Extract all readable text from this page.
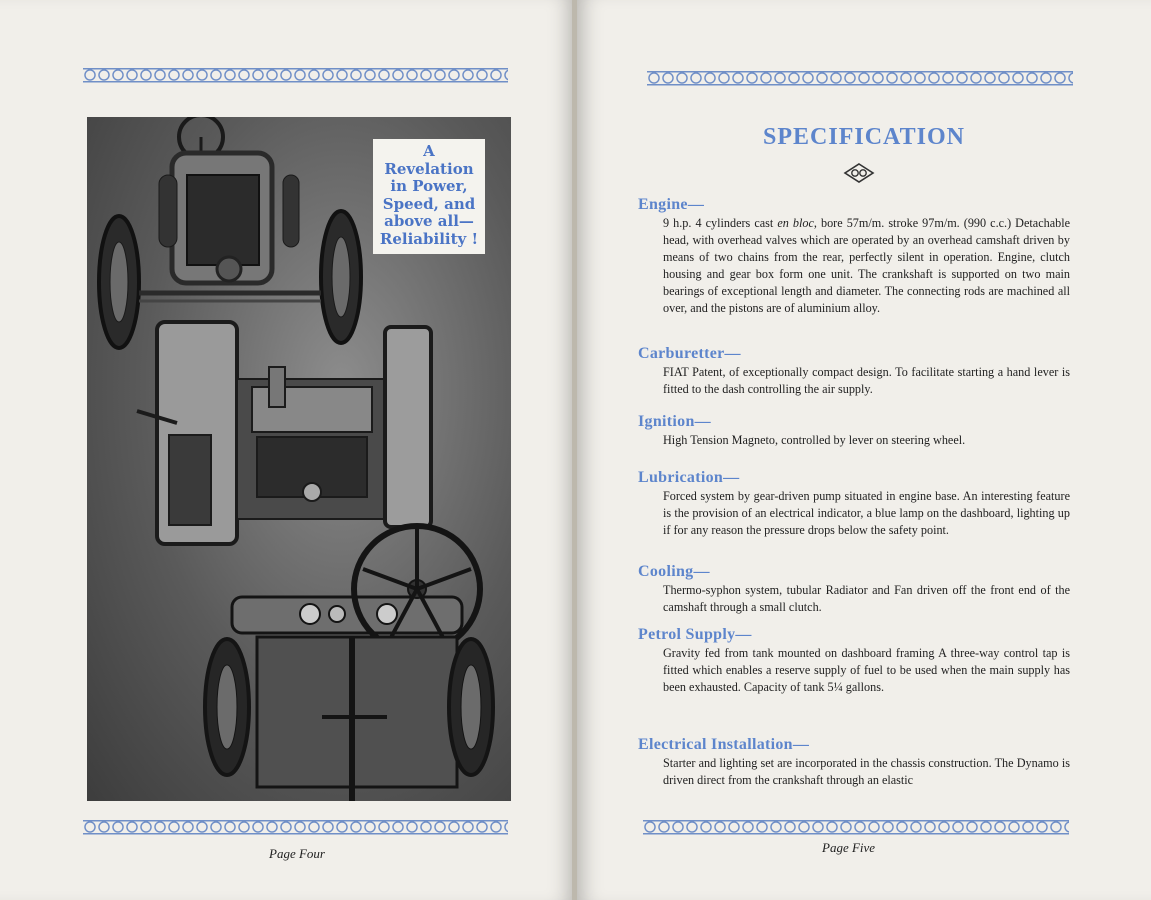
A
Revelation
in Power,
Speed, and
above all—
Reliability !
Page Four
SPECIFICATION
Engine—
9 h.p. 4 cylinders cast en bloc, bore 57m/m. stroke 97m/m. (990 c.c.) Detachable head, with overhead valves which are operated by an overhead camshaft driven by means of two chains from the rear, perfectly silent in operation. Engine, clutch housing and gear box form one unit. The crankshaft is supported on two main bearings of exceptional length and diameter. The connecting rods are machined all over, and the pistons are of aluminium alloy.
Carburetter—
FIAT Patent, of exceptionally compact design. To facilitate starting a hand lever is fitted to the dash controlling the air supply.
Ignition—
High Tension Magneto, controlled by lever on steering wheel.
Lubrication—
Forced system by gear-driven pump situated in engine base. An interesting feature is the provision of an electrical indicator, a blue lamp on the dashboard, lighting up if for any reason the pressure drops below the safety point.
Cooling—
Thermo-syphon system, tubular Radiator and Fan driven off the front end of the camshaft through a small clutch.
Petrol Supply—
Gravity fed from tank mounted on dashboard framing A three-way control tap is fitted which enables a reserve supply of fuel to be used when the main supply has been exhausted. Capacity of tank 5¼ gallons.
Electrical Installation—
Starter and lighting set are incorporated in the chassis construction. The Dynamo is driven direct from the crankshaft through an elastic
Page Five
